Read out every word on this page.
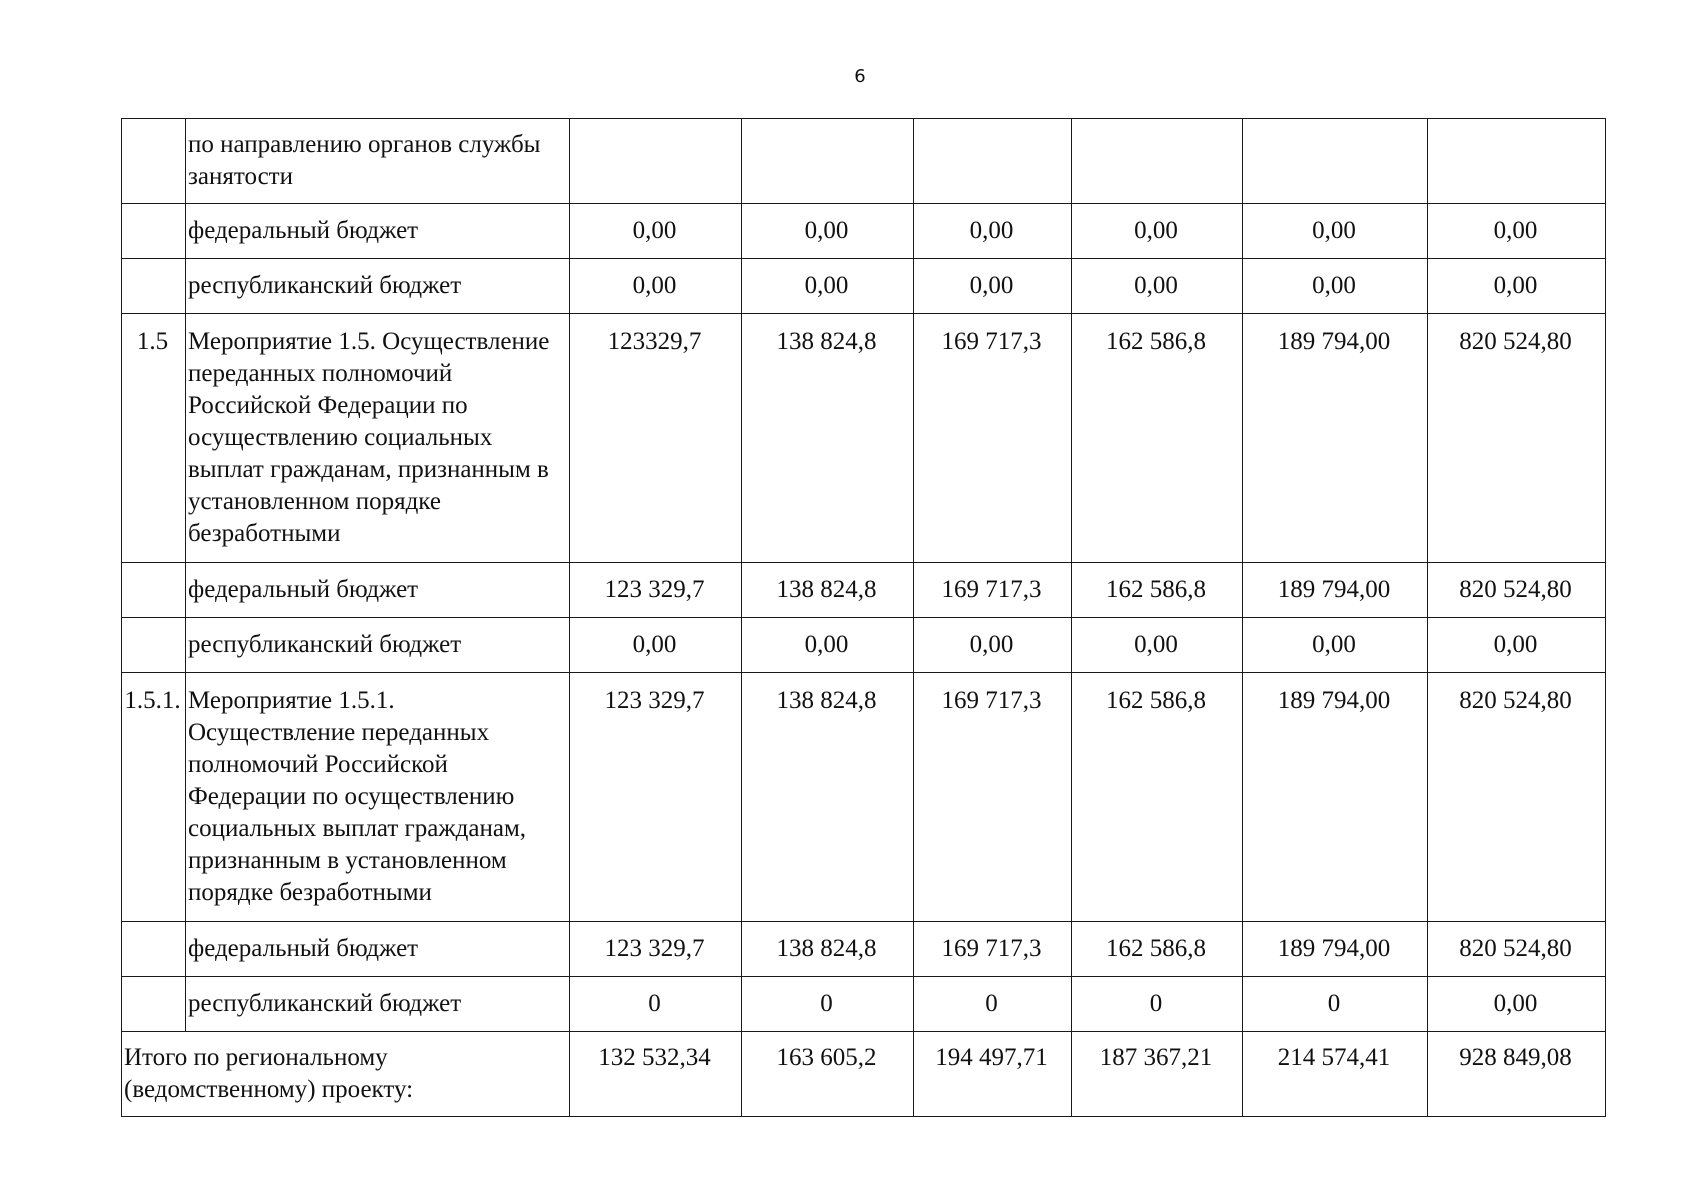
6
	по направлению органов службы занятости						
	федеральный бюджет	0,00	0,00	0,00	0,00	0,00	0,00
	республиканский бюджет	0,00	0,00	0,00	0,00	0,00	0,00
1.5	Мероприятие 1.5. Осуществление переданных полномочий Российской Федерации по осуществлению социальных выплат гражданам, признанным в установленном порядке безработными	123329,7	138 824,8	169 717,3	162 586,8	189 794,00	820 524,80
	федеральный бюджет	123 329,7	138 824,8	169 717,3	162 586,8	189 794,00	820 524,80
	республиканский бюджет	0,00	0,00	0,00	0,00	0,00	0,00
1.5.1.	Мероприятие 1.5.1. Осуществление переданных полномочий Российской Федерации по осуществлению социальных выплат гражданам, признанным в установленном порядке безработными	123 329,7	138 824,8	169 717,3	162 586,8	189 794,00	820 524,80
	федеральный бюджет	123 329,7	138 824,8	169 717,3	162 586,8	189 794,00	820 524,80
	республиканский бюджет	0	0	0	0	0	0,00
Итого по региональному (ведомственному) проекту:		132 532,34	163 605,2	194 497,71	187 367,21	214 574,41	928 849,08
